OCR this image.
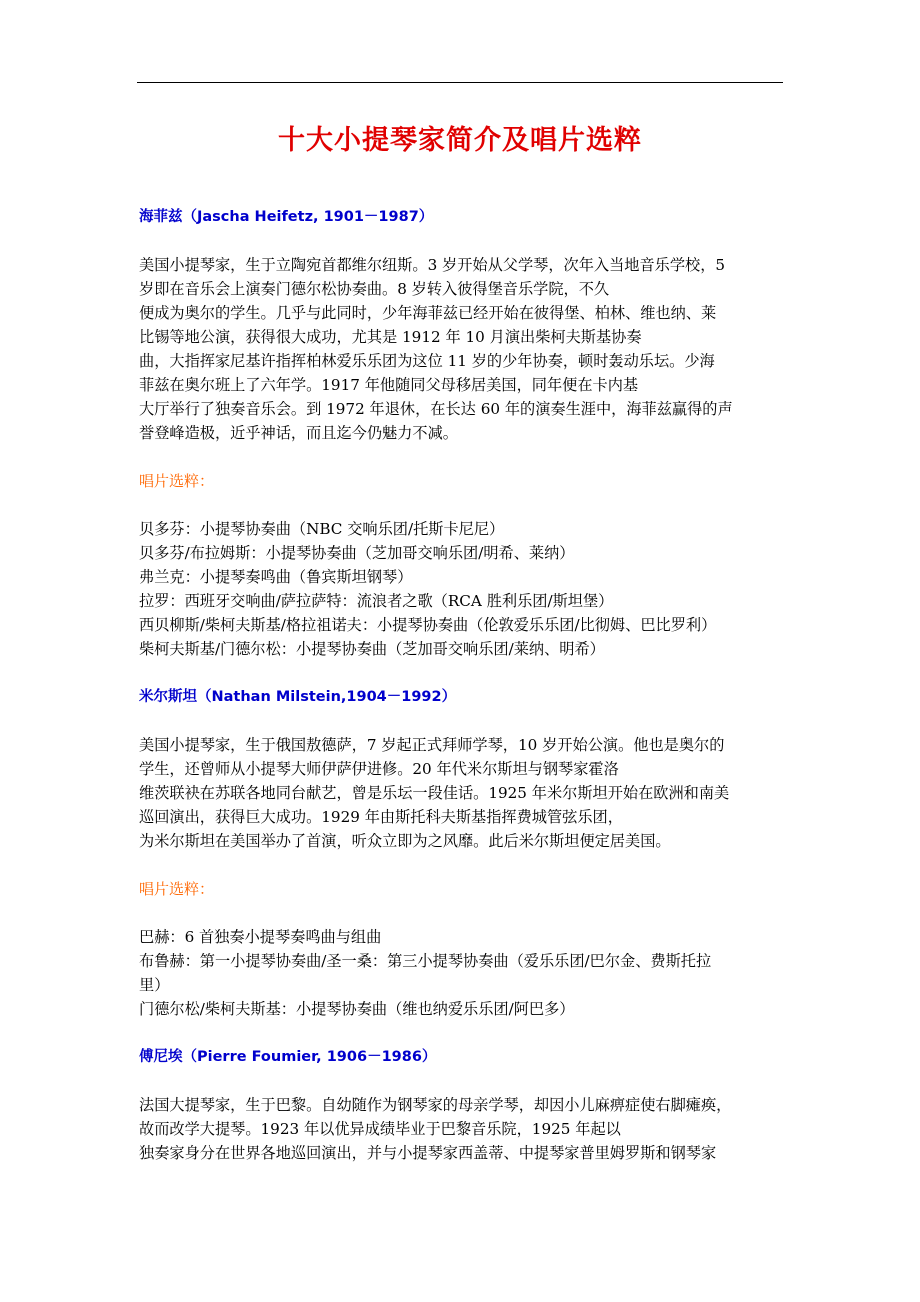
十大小提琴家简介及唱片选粹
海菲兹（Jascha Heifetz, 1901－1987）

美国小提琴家，生于立陶宛首都维尔纽斯。3 岁开始从父学琴，次年入当地音乐学校，5

岁即在音乐会上演奏门德尔松协奏曲。8 岁转入彼得堡音乐学院，不久

便成为奥尔的学生。几乎与此同时，少年海菲兹已经开始在彼得堡、柏林、维也纳、莱

比锡等地公演，获得很大成功，尤其是 1912 年 10 月演出柴柯夫斯基协奏

曲，大指挥家尼基许指挥柏林爱乐乐团为这位 11 岁的少年协奏，顿时轰动乐坛。少海

菲兹在奥尔班上了六年学。1917 年他随同父母移居美国，同年便在卡内基

大厅举行了独奏音乐会。到 1972 年退休，在长达 60 年的演奏生涯中，海菲兹赢得的声

誉登峰造极，近乎神话，而且迄今仍魅力不减。

唱片选粹：
贝多芬：小提琴协奏曲（NBC 交响乐团/托斯卡尼尼）
贝多芬/布拉姆斯：小提琴协奏曲（芝加哥交响乐团/明希、莱纳）
弗兰克：小提琴奏鸣曲（鲁宾斯坦钢琴）
拉罗：西班牙交响曲/萨拉萨特：流浪者之歌（RCA 胜利乐团/斯坦堡）
西贝柳斯/柴柯夫斯基/格拉祖诺夫：小提琴协奏曲（伦敦爱乐乐团/比彻姆、巴比罗利）
柴柯夫斯基/门德尔松：小提琴协奏曲（芝加哥交响乐团/莱纳、明希）
米尔斯坦（Nathan Milstein,1904－1992）

美国小提琴家，生于俄国敖德萨，7 岁起正式拜师学琴，10 岁开始公演。他也是奥尔的

学生，还曾师从小提琴大师伊萨伊进修。20 年代米尔斯坦与钢琴家霍洛

维茨联袂在苏联各地同台献艺，曾是乐坛一段佳话。1925 年米尔斯坦开始在欧洲和南美

巡回演出，获得巨大成功。1929 年由斯托科夫斯基指挥费城管弦乐团，

为米尔斯坦在美国举办了首演，听众立即为之风靡。此后米尔斯坦便定居美国。

唱片选粹：
巴赫：6 首独奏小提琴奏鸣曲与组曲
布鲁赫：第一小提琴协奏曲/圣一桑：第三小提琴协奏曲（爱乐乐团/巴尔金、费斯托拉
里）
门德尔松/柴柯夫斯基：小提琴协奏曲（维也纳爱乐乐团/阿巴多）
傅尼埃（Pierre Foumier, 1906－1986）

法国大提琴家，生于巴黎。自幼随作为钢琴家的母亲学琴，却因小儿麻痹症使右脚瘫痪，

故而改学大提琴。1923 年以优异成绩毕业于巴黎音乐院，1925 年起以

独奏家身分在世界各地巡回演出，并与小提琴家西盖蒂、中提琴家普里姆罗斯和钢琴家
